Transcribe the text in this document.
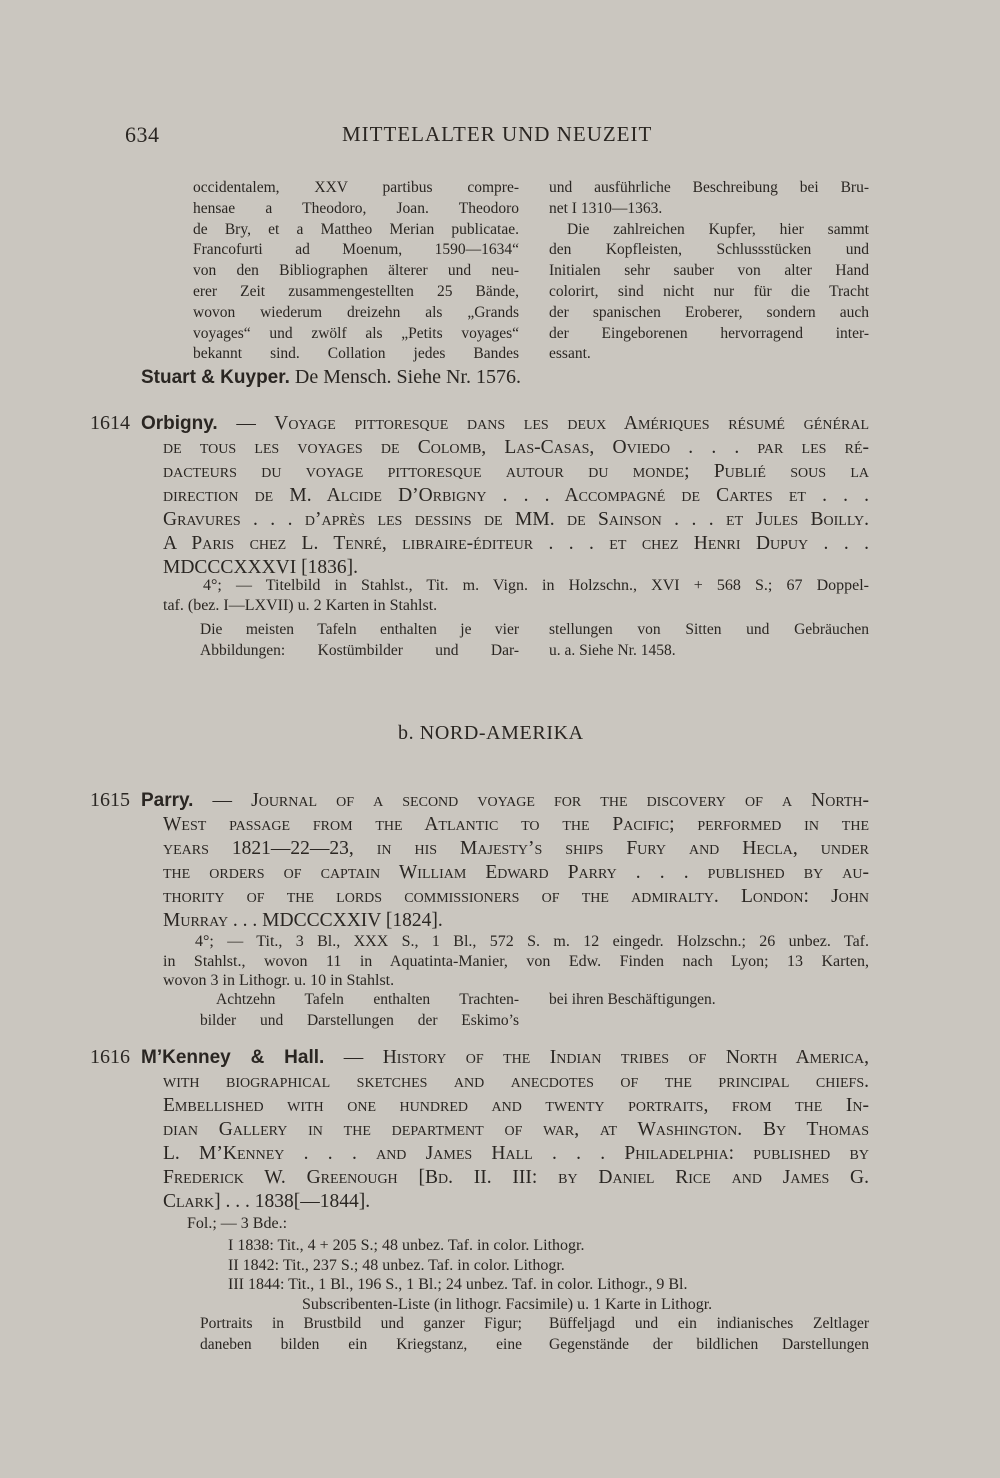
634	MITTELALTER UND NEUZEIT
occidentalem, XXV partibus compre-
hensae a Theodoro, Joan. Theodoro
de Bry, et a Mattheo Merian publicatae.
Francofurti ad Moenum, 1590—1634“
von den Bibliographen älterer und neu-
erer Zeit zusammengestellten 25 Bände,
wovon wiederum dreizehn als „Grands
voyages“ und zwölf als „Petits voyages“
bekannt sind. Collation jedes Bandes
und ausführliche Beschreibung bei Bru-
net I 1310—1363.
Die zahlreichen Kupfer, hier sammt
den Kopfleisten, Schlussstücken und
Initialen sehr sauber von alter Hand
colorirt, sind nicht nur für die Tracht
der spanischen Eroberer, sondern auch
der Eingeborenen hervorragend inter-
essant.
Stuart & Kuyper. De Mensch. Siehe Nr. 1576.
1614 Orbigny. — Voyage pittoresque dans les deux Amériques résumé général
de tous les voyages de Colomb, Las-Casas, Oviedo . . . par les ré-
dacteurs du voyage pittoresque autour du monde; Publié sous la
direction de M. Alcide D’Orbigny . . . Accompagné de Cartes et . . .
Gravures . . . d’après les dessins de MM. de Sainson . . . et Jules Boilly.
A Paris chez L. Tenré, libraire-éditeur . . . et chez Henri Dupuy . . .
MDCCCXXXVI [1836].
4°; — Titelbild in Stahlst., Tit. m. Vign. in Holzschn., XVI + 568 S.; 67 Doppel-
taf. (bez. I—LXVII) u. 2 Karten in Stahlst.
Die meisten Tafeln enthalten je vier
Abbildungen: Kostümbilder und Dar-
stellungen von Sitten und Gebräuchen
u. a. Siehe Nr. 1458.
b. NORD-AMERIKA
1615 Parry. — Journal of a second voyage for the discovery of a North-
West passage from the Atlantic to the Pacific; performed in the
years 1821—22—23, in his Majesty’s ships Fury and Hecla, under
the orders of captain William Edward Parry . . . published by au-
thority of the lords commissioners of the admiralty. London: John
Murray . . . MDCCCXXIV [1824].
4°; — Tit., 3 Bl., XXX S., 1 Bl., 572 S. m. 12 eingedr. Holzschn.; 26 unbez. Taf.
in Stahlst., wovon 11 in Aquatinta-Manier, von Edw. Finden nach Lyon; 13 Karten,
wovon 3 in Lithogr. u. 10 in Stahlst.
Achtzehn Tafeln enthalten Trachten-
bilder und Darstellungen der Eskimo’s
bei ihren Beschäftigungen.
1616 M’Kenney & Hall. — History of the Indian tribes of North America,
with biographical sketches and anecdotes of the principal chiefs.
Embellished with one hundred and twenty portraits, from the In-
dian Gallery in the department of war, at Washington. By Thomas
L. M’Kenney . . . and James Hall . . . Philadelphia: published by
Frederick W. Greenough [Bd. II. III: by Daniel Rice and James G.
Clark] . . . 1838[—1844].
Fol.; — 3 Bde.:
I 1838: Tit., 4 + 205 S.; 48 unbez. Taf. in color. Lithogr.
II 1842: Tit., 237 S.; 48 unbez. Taf. in color. Lithogr.
III 1844: Tit., 1 Bl., 196 S., 1 Bl.; 24 unbez. Taf. in color. Lithogr., 9 Bl.
Subscribenten-Liste (in lithogr. Facsimile) u. 1 Karte in Lithogr.
Portraits in Brustbild und ganzer Figur;
daneben bilden ein Kriegstanz, eine
Büffeljagd und ein indianisches Zeltlager
Gegenstände der bildlichen Darstellungen
